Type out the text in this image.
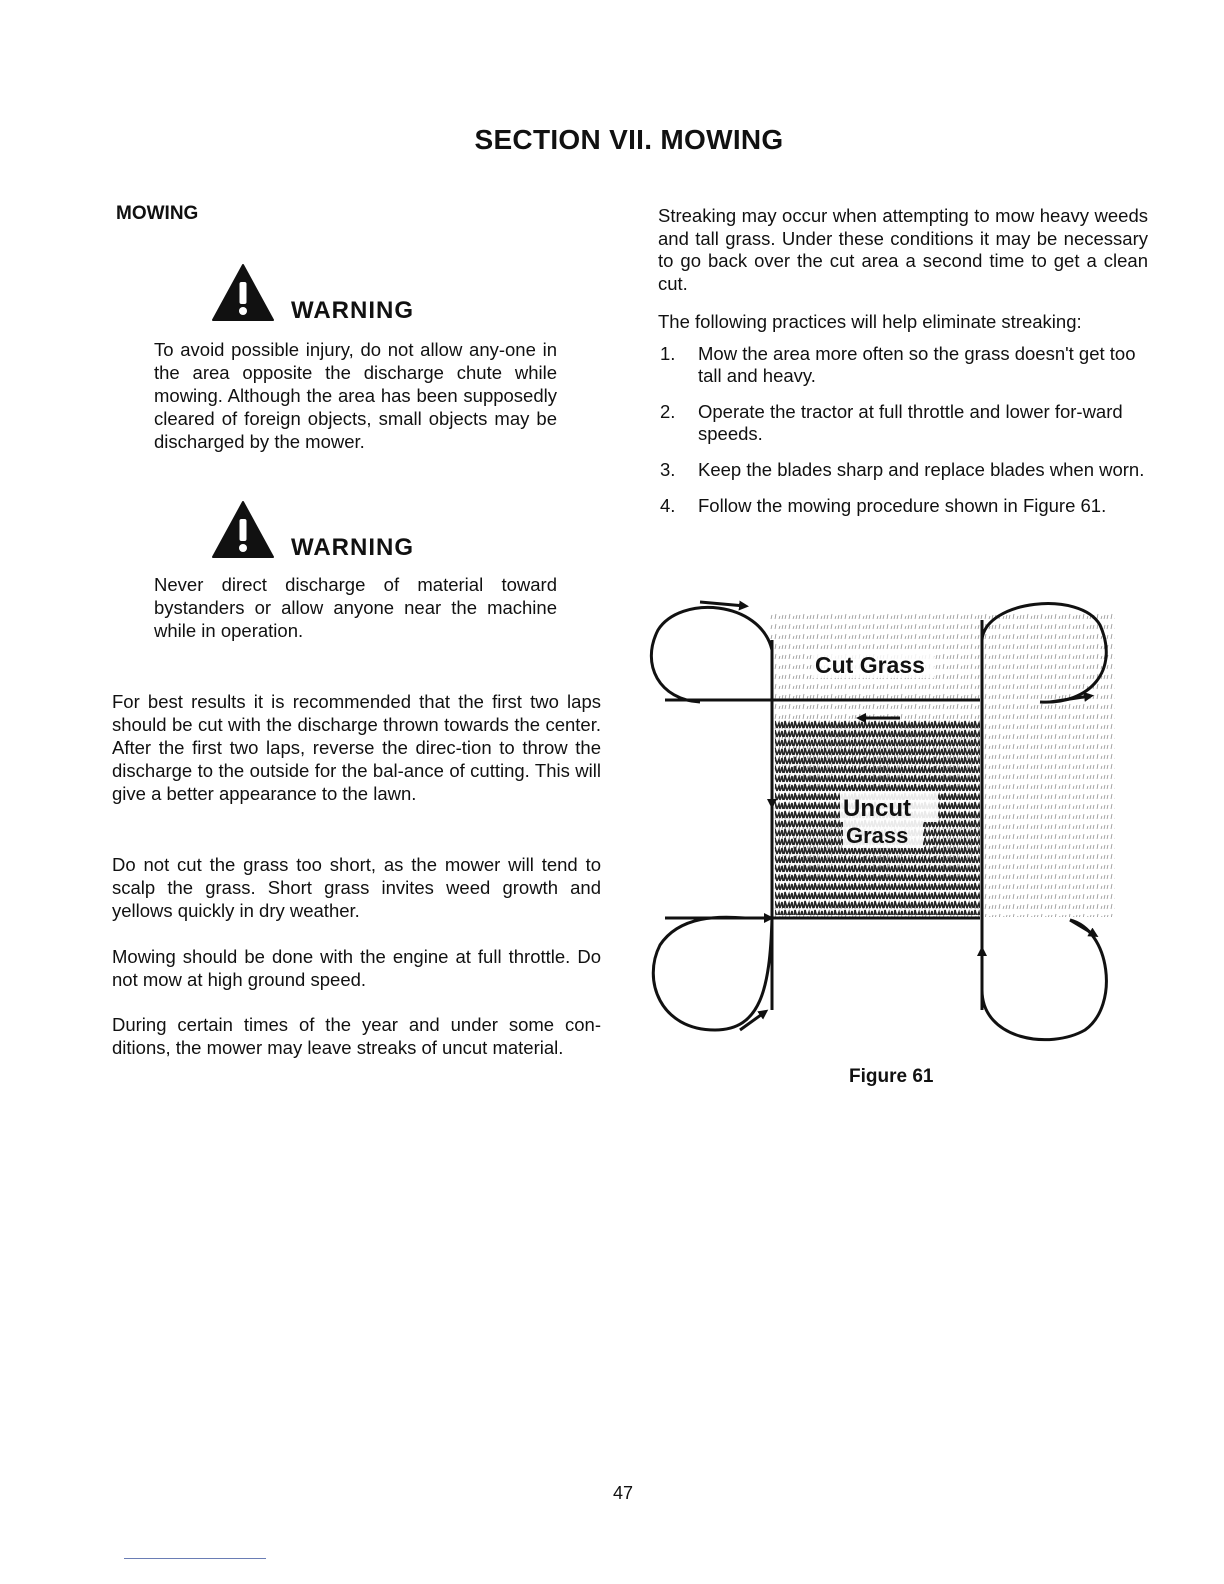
SECTION VII. MOWING
MOWING
WARNING

To avoid possible injury, do not allow any-one in the area opposite the discharge chute while mowing. Although the area has been supposedly cleared of foreign objects, small objects may be discharged by the mower.

WARNING

Never direct discharge of material toward bystanders or allow anyone near the machine while in operation.

For best results it is recommended that the first two laps should be cut with the discharge thrown towards the center. After the first two laps, reverse the direc-tion to throw the discharge to the outside for the bal-ance of cutting. This will give a better appearance to the lawn.

Do not cut the grass too short, as the mower will tend to scalp the grass. Short grass invites weed growth and yellows quickly in dry weather.

Mowing should be done with the engine at full throttle. Do not mow at high ground speed.

During certain times of the year and under some con-ditions, the mower may leave streaks of uncut material.

Streaking may occur when attempting to mow heavy weeds and tall grass. Under these conditions it may be necessary to go back over the cut area a second time to get a clean cut.

The following practices will help eliminate streaking:

1. Mow the area more often so the grass doesn't get too tall and heavy.
2. Operate the tractor at full throttle and lower for-ward speeds.
3. Keep the blades sharp and replace blades when worn.
4. Follow the mowing procedure shown in Figure 61.
Cut Grass
Uncut
Grass
Figure 61
47
